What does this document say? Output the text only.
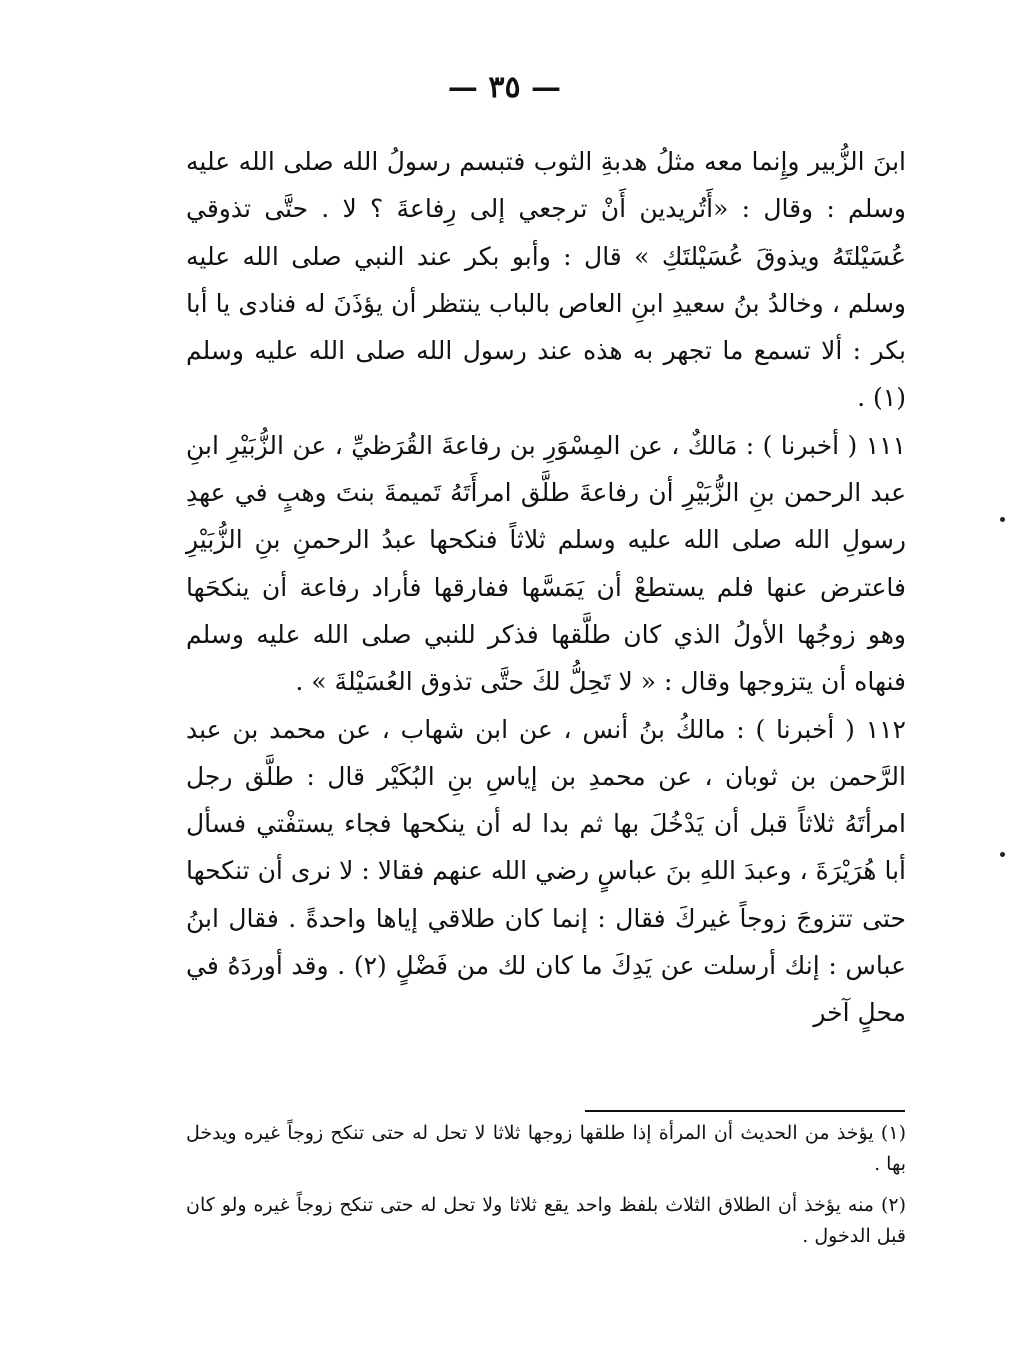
— ٣٥ —
ابنَ الزُّبير وإِنما معه مثلُ هدبةِ الثوب فتبسم رسولُ الله صلى الله عليه وسلم : وقال : «أَتُريدين أَنْ ترجعي إلى رِفاعةَ ؟ لا . حتَّى تذوقي عُسَيْلتَهُ ويذوقَ عُسَيْلتَكِ » قال : وأبو بكر عند النبي صلى الله عليه وسلم ، وخالدُ بنُ سعيدِ ابنِ العاص بالباب ينتظر أن يؤذَنَ له فنادى يا أبا بكر : ألا تسمع ما تجهر به هذه عند رسول الله صلى الله عليه وسلم (١) .
١١١ ( أخبرنا ) : مَالكٌ ، عن المِسْوَرِ بن رفاعةَ القُرَظيِّ ، عن الزُّبَيْرِ ابنِ عبد الرحمن بنِ الزُّبَيْرِ أن رفاعةَ طلَّق امرأَتَهُ تَميمةَ بنتَ وهبٍ في عهدِ رسولِ الله صلى الله عليه وسلم ثلاثاً فنكحها عبدُ الرحمنِ بنِ الزُّبَيْرِ فاعترض عنها فلم يستطعْ أن يَمَسَّها ففارقها فأراد رفاعة أن ينكحَها وهو زوجُها الأولُ الذي كان طلَّقها فذكر للنبي صلى الله عليه وسلم فنهاه أن يتزوجها وقال : « لا تَحِلُّ لكَ حتَّى تذوق العُسَيْلةَ » .
١١٢ ( أخبرنا ) : مالكُ بنُ أنس ، عن ابن شهاب ، عن محمد بن عبد الرَّحمن بن ثوبان ، عن محمدِ بن إياسِ بنِ البُكَيْر قال : طلَّق رجل امرأتَهُ ثلاثاً قبل أن يَدْخُلَ بها ثم بدا له أن ينكحها فجاء يستفْتي فسأل أبا هُرَيْرَةَ ، وعبدَ اللهِ بنَ عباسٍ رضي الله عنهم فقالا : لا نرى أن تنكحها حتى تتزوجَ زوجاً غيركَ فقال : إنما كان طلاقي إياها واحدةً . فقال ابنُ عباس : إنك أرسلت عن يَدِكَ ما كان لك من فَضْلٍ (٢) . وقد أوردَهُ في محلٍ آخر
(١) يؤخذ من الحديث أن المرأة إذا طلقها زوجها ثلاثا لا تحل له حتى تنكح زوجاً غيره ويدخل بها .
(٢) منه يؤخذ أن الطلاق الثلاث بلفظ واحد يقع ثلاثا ولا تحل له حتى تنكح زوجاً غيره ولو كان قبل الدخول .
